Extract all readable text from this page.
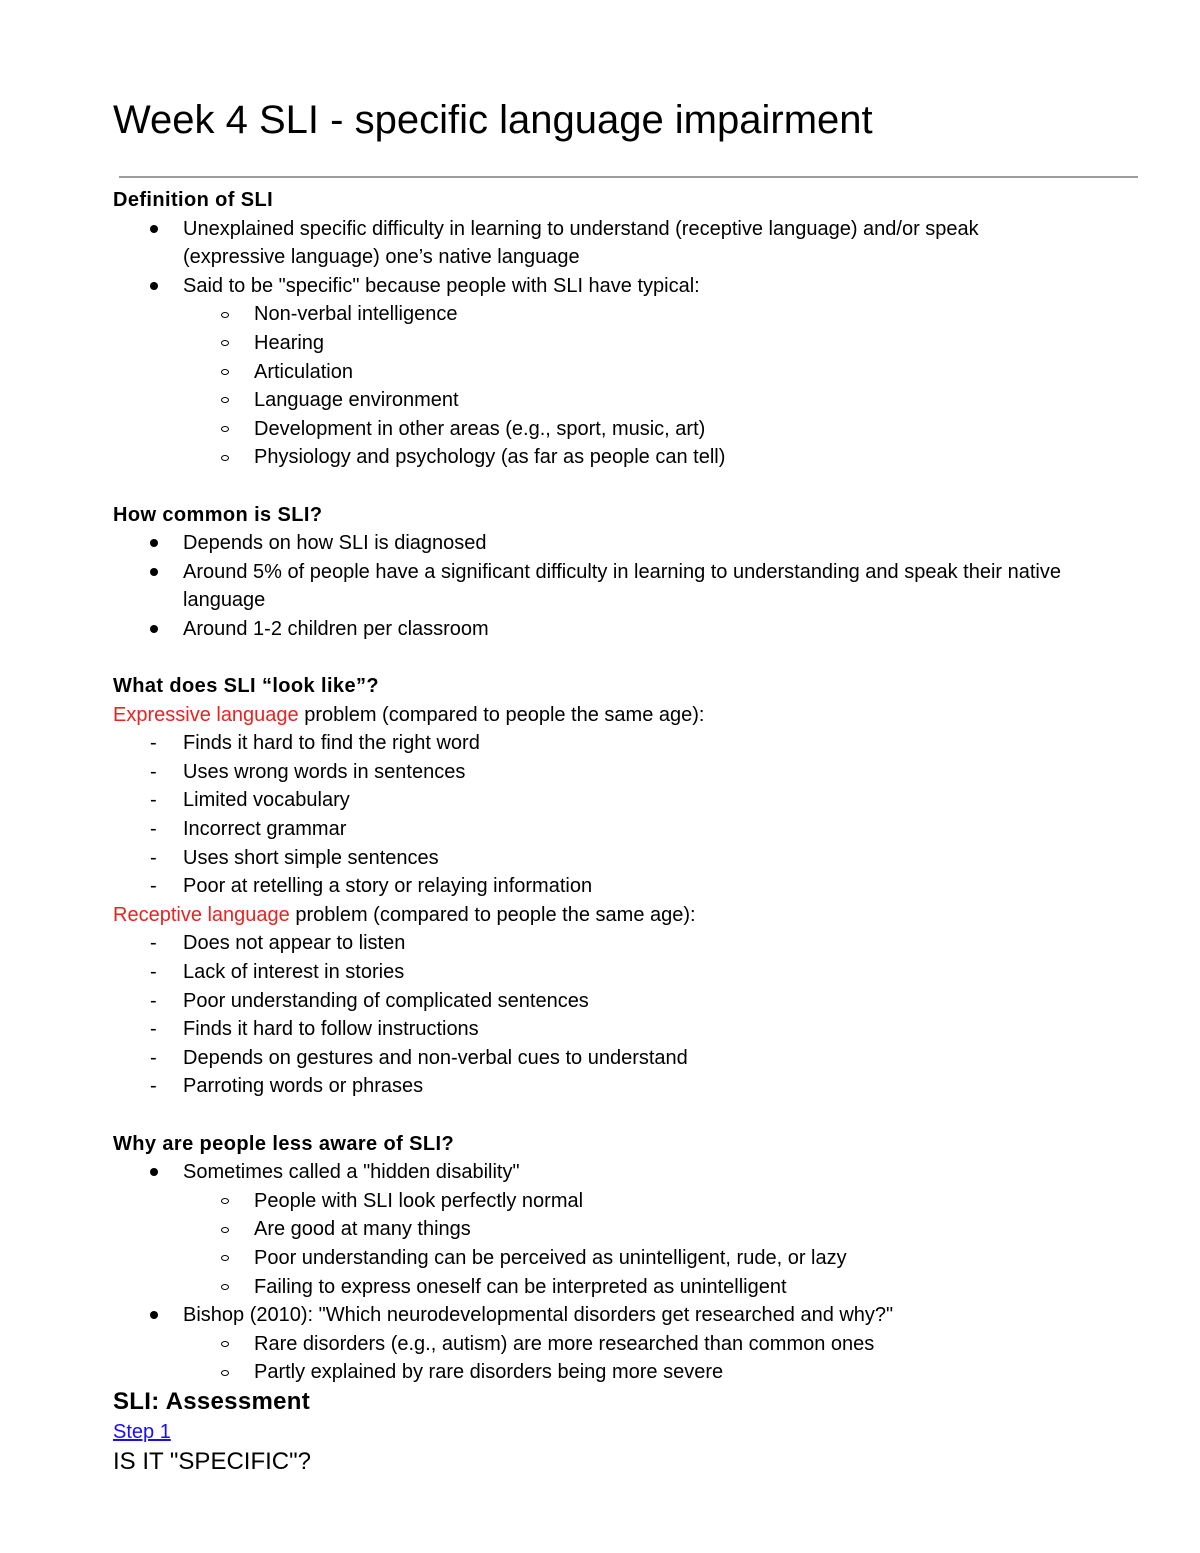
Week 4 SLI - specific language impairment
Definition of SLI
Unexplained specific difficulty in learning to understand (receptive language) and/or speak
(expressive language) one’s native language
Said to be "specific" because people with SLI have typical:
Non-verbal intelligence
Hearing
Articulation
Language environment
Development in other areas (e.g., sport, music, art)
Physiology and psychology (as far as people can tell)
How common is SLI?
Depends on how SLI is diagnosed
Around 5% of people have a significant difficulty in learning to understanding and speak their native
language
Around 1-2 children per classroom
What does SLI “look like”?
Expressive language problem (compared to people the same age):
- Finds it hard to find the right word
- Uses wrong words in sentences
- Limited vocabulary
- Incorrect grammar
- Uses short simple sentences
- Poor at retelling a story or relaying information
Receptive language problem (compared to people the same age):
- Does not appear to listen
- Lack of interest in stories
- Poor understanding of complicated sentences
- Finds it hard to follow instructions
- Depends on gestures and non-verbal cues to understand
- Parroting words or phrases
Why are people less aware of SLI?
Sometimes called a "hidden disability"
People with SLI look perfectly normal
Are good at many things
Poor understanding can be perceived as unintelligent, rude, or lazy
Failing to express oneself can be interpreted as unintelligent
Bishop (2010): "Which neurodevelopmental disorders get researched and why?"
Rare disorders (e.g., autism) are more researched than common ones
Partly explained by rare disorders being more severe
SLI: Assessment
Step 1
IS IT "SPECIFIC"?
